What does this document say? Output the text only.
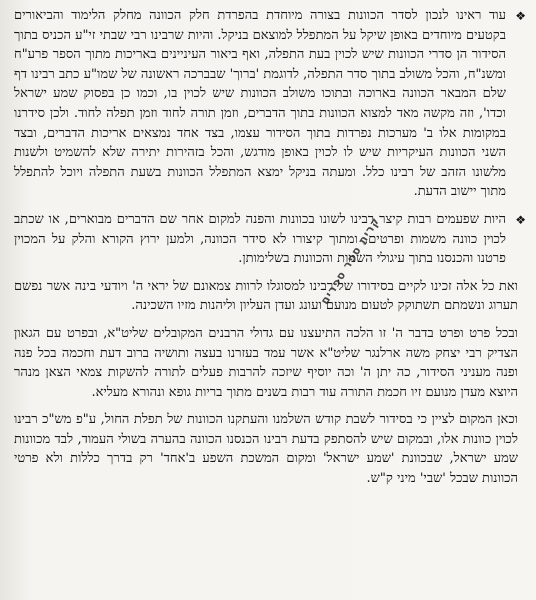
❖
עוד ראינו לנכון לסדר הכוונות בצורה מיוחדת בהפרדת חלק הכוונה מחלק הלימוד והביאורים בקטעים מיוחדים באופן שיקל על המתפלל למוצאם בניקל. והיות שרבינו רבי שבתי זי"ע הכניס בתוך הסידור הן סדרי הכוונות שיש לכוין בעת התפלה, ואף ביאור העיניינים באריכות מתוך הספר פרע"ח ומשנ"ח, והכל משולב בתוך סדר התפלה, לדוגמת 'ברוך' שבברכה ראשונה של שמו"ע כתב רבינו דף שלם המבאר הכוונה בארוכה ובתוכו משולב הכוונות שיש לכוין בו, וכמו כן בפסוק שמע ישראל וכדו', וזה מקשה מאד למצוא הכוונות בתוך הדברים, וזמן תורה לחוד וזמן תפלה לחוד. ולכן סידרנו במקומות אלו ב' מערכות נפרדות בתוך הסידור עצמו, בצד אחד נמצאים אריכות הדברים, ובצד השני הכוונות העיקריות שיש לו לכוין באופן מודגש, והכל בזהירות יתירה שלא להשמיט ולשנות מלשונו הזהב של רבינו כלל. ומעתה בניקל ימצא המתפלל הכוונות בשעת התפלה ויוכל להתפלל מתוך יישוב הדעת.
❖
היות שפעמים רבות קיצר רבינו לשונו בכוונות והפנה למקום אחר שם הדברים מבוארים, או שכתב לכוין כוונה משמות ופרטים, ומתוך קיצורו לא סידר הכוונה, ולמען ירוץ הקורא והלק על המכוין פרטנו והכנסנו בתוך עיגולי השמות והכוונות בשלימותן.
ואת כל אלה זכינו לקיים בסידורו של רבינו למסוגלו לרוות צמאונם של יראי ה' ויודעי בינה אשר נפשם תערוג ונשמתם תשתוקק לטעום מנועם ועונג ועדן העליון וליהנות מזיו השכינה.
ובכל פרט ופרט בדבר ה' זו הלכה התיעצנו עם גדולי הרבנים המקובלים שליט"א, ובפרט עם הגאון הצדיק רבי יצחק משה ארלנגר שליט"א אשר עמד בעזרנו בעצה ותושיה ברוב דעת וחכמה בכל פנה ופנה מעניני הסידור, כה יתן ה' וכה יוסיף שיזכה להרבות פעלים לתורה להשקות צמאי הצאן מנהר היוצא מעדן מנועם זיו חכמת התורה עוד רבות בשנים מתוך בריות גופא ונהורא מעליא.
וכאן המקום לציין כי בסידור לשבת קודש השלמנו והעתקנו הכוונות של תפלת החול, ע"פ מש"כ רבינו לכוין כוונות אלו, ובמקום שיש להסתפק בדעת רבינו הכנסנו הכוונה בהערה בשולי העמוד, לבד מכוונות שמע ישראל, שבכוונת 'שמע ישראל' ומקום המשכת השפע ב'אחד' רק בדרך כללות ולא פרטי הכוונות שבכל 'שבי' מיני ק"ש.
קרית ספר ספרים
